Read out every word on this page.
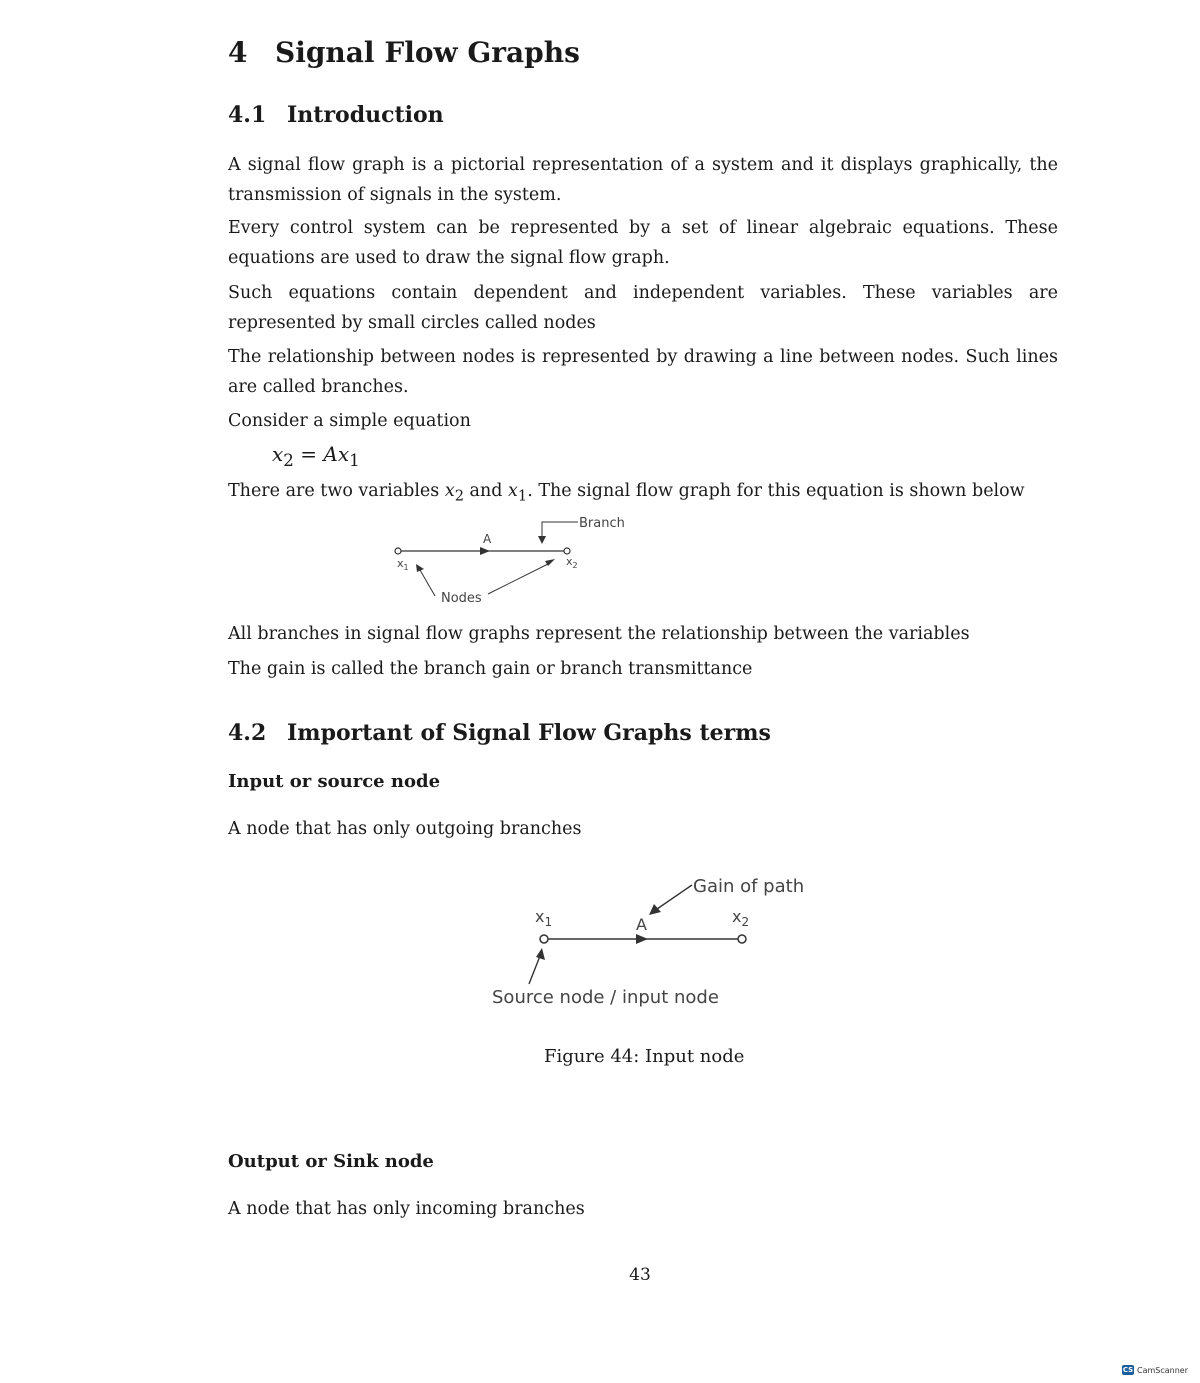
4 Signal Flow Graphs
4.1 Introduction

A signal flow graph is a pictorial representation of a system and it displays graphically, the transmission of signals in the system.

Every control system can be represented by a set of linear algebraic equations. These equations are used to draw the signal flow graph.

Such equations contain dependent and independent variables. These variables are represented by small circles called nodes

The relationship between nodes is represented by drawing a line between nodes. Such lines are called branches.

Consider a simple equation

$x_2 = Ax_1$

There are two variables $x_2$ and $x_1$. The signal flow graph for this equation is shown below

Branch
A
$x_1$	$x_2$
Nodes

All branches in signal flow graphs represent the relationship between the variables

The gain is called the branch gain or branch transmittance

4.2 Important of Signal Flow Graphs terms
Input or source node

A node that has only outgoing branches

Gain of path
$x_1$	A	$x_2$
Source node / input node

Figure 44: Input node

Output or Sink node

A node that has only incoming branches

43

CS CamScanner
